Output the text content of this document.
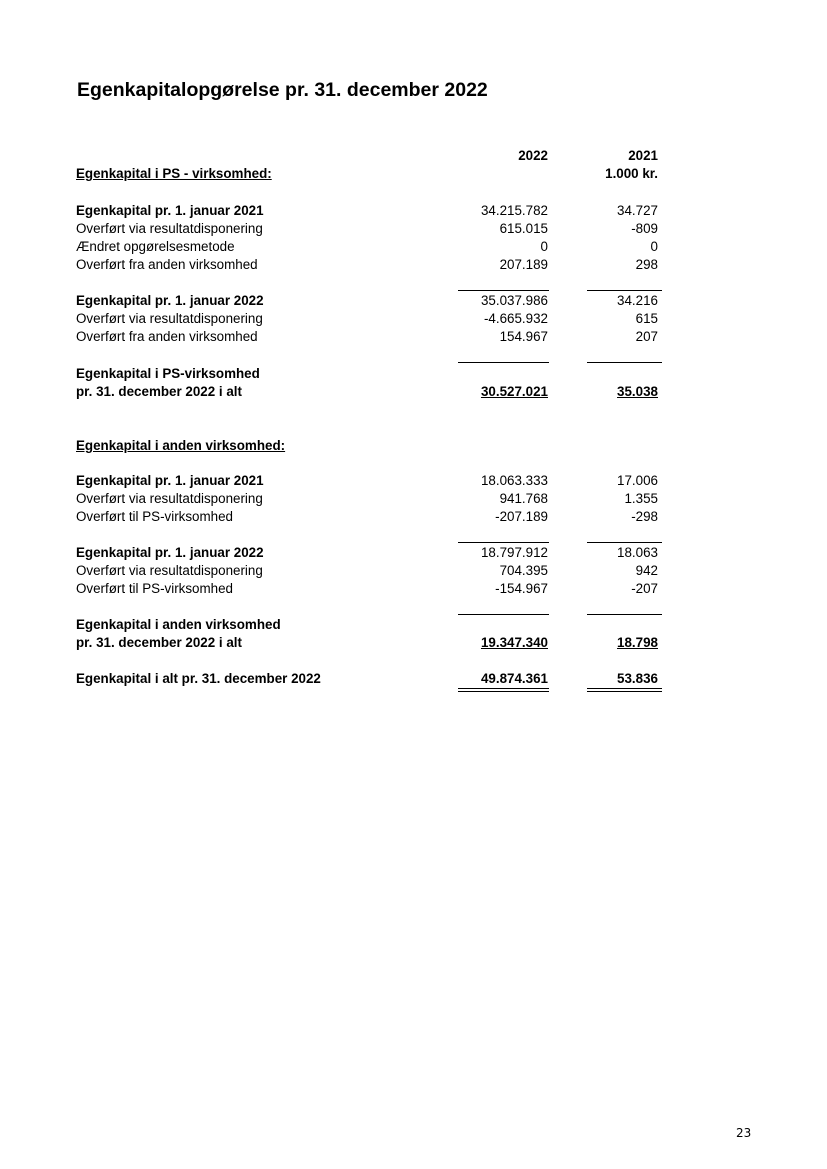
Egenkapitalopgørelse pr. 31. december 2022
2022	2021
1.000 kr.
Egenkapital i PS - virksomhed:
Egenkapital pr. 1. januar 2021	34.215.782	34.727
Overført via resultatdisponering	615.015	-809
Ændret opgørelsesmetode	0	0
Overført fra anden virksomhed	207.189	298
Egenkapital pr. 1. januar 2022	35.037.986	34.216
Overført via resultatdisponering	-4.665.932	615
Overført fra anden virksomhed	154.967	207
Egenkapital i PS-virksomhed
pr. 31. december 2022 i alt	30.527.021	35.038
Egenkapital i anden virksomhed:
Egenkapital pr. 1. januar 2021	18.063.333	17.006
Overført via resultatdisponering	941.768	1.355
Overført til PS-virksomhed	-207.189	-298
Egenkapital pr. 1. januar 2022	18.797.912	18.063
Overført via resultatdisponering	704.395	942
Overført til PS-virksomhed	-154.967	-207
Egenkapital i anden virksomhed
pr. 31. december 2022 i alt	19.347.340	18.798
Egenkapital i alt pr. 31. december 2022	49.874.361	53.836
23
